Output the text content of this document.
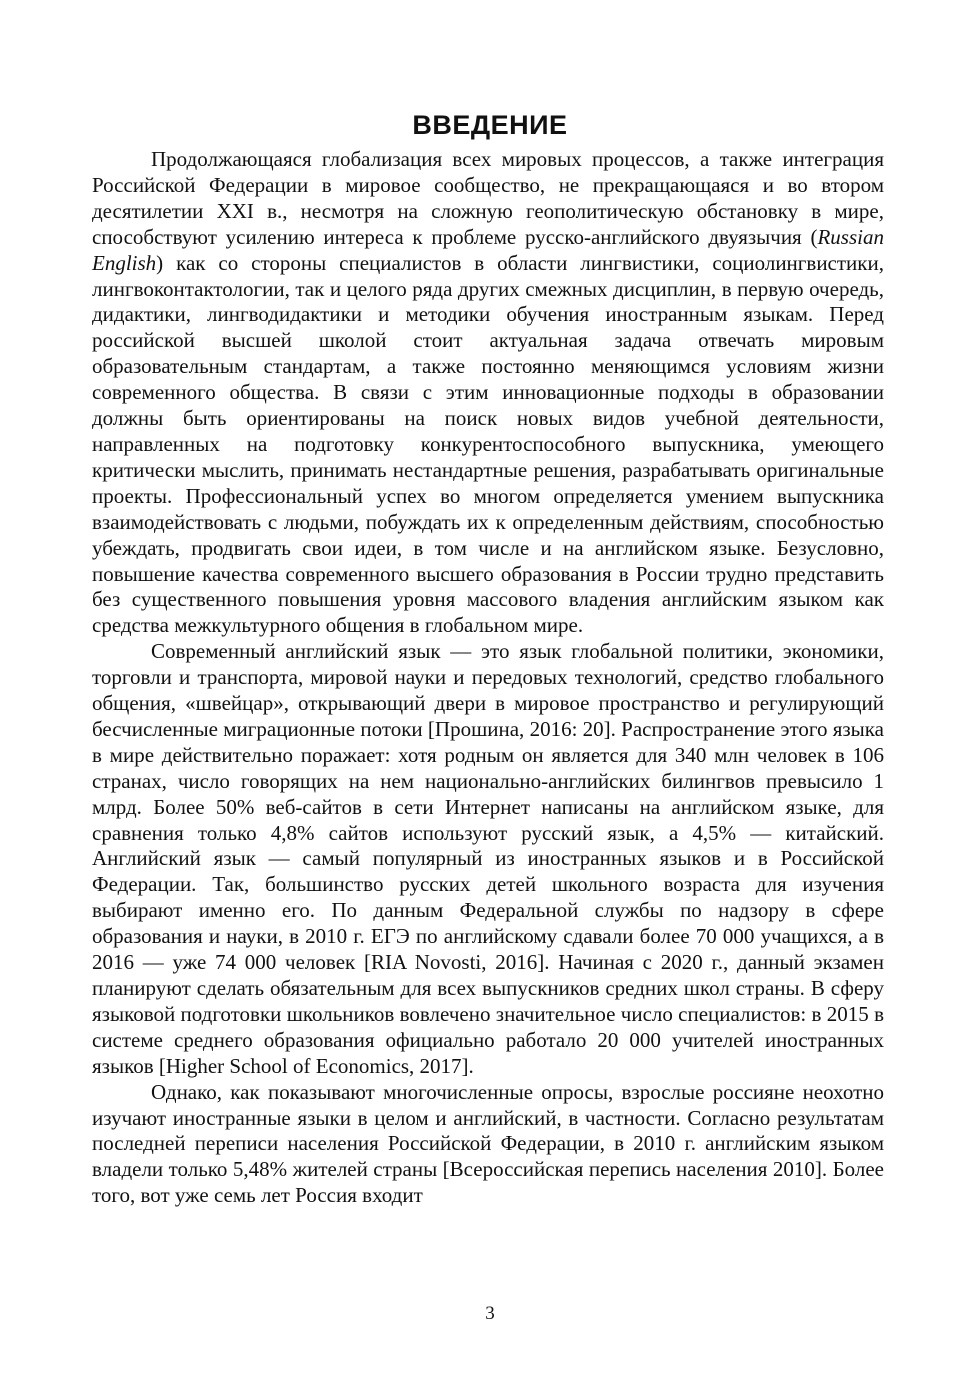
ВВЕДЕНИЕ

Продолжающаяся глобализация всех мировых процессов, а также интеграция Российской Федерации в мировое сообщество, не прекращающаяся и во втором десятилетии XXI в., несмотря на сложную геополитическую обстановку в мире, способствуют усилению интереса к проблеме русско-английского двуязычия (Russian English) как со стороны специалистов в области лингвистики, социолингвистики, лингвоконтактологии, так и целого ряда других смежных дисциплин, в первую очередь, дидактики, лингводидактики и методики обучения иностранным языкам. Перед российской высшей школой стоит актуальная задача отвечать мировым образовательным стандартам, а также постоянно меняющимся условиям жизни современного общества. В связи с этим инновационные подходы в образовании должны быть ориентированы на поиск новых видов учебной деятельности, направленных на подготовку конкурентоспособного выпускника, умеющего критически мыслить, принимать нестандартные решения, разрабатывать оригинальные проекты. Профессиональный успех во многом определяется умением выпускника взаимодействовать с людьми, побуждать их к определенным действиям, способностью убеждать, продвигать свои идеи, в том числе и на английском языке. Безусловно, повышение качества современного высшего образования в России трудно представить без существенного повышения уровня массового владения английским языком как средства межкультурного общения в глобальном мире.

Современный английский язык — это язык глобальной политики, экономики, торговли и транспорта, мировой науки и передовых технологий, средство глобального общения, «швейцар», открывающий двери в мировое пространство и регулирующий бесчисленные миграционные потоки [Прошина, 2016: 20]. Распространение этого языка в мире действительно поражает: хотя родным он является для 340 млн человек в 106 странах, число говорящих на нем национально-английских билингвов превысило 1 млрд. Более 50% веб-сайтов в сети Интернет написаны на английском языке, для сравнения только 4,8% сайтов используют русский язык, а 4,5% — китайский. Английский язык — самый популярный из иностранных языков и в Российской Федерации. Так, большинство русских детей школьного возраста для изучения выбирают именно его. По данным Федеральной службы по надзору в сфере образования и науки, в 2010 г. ЕГЭ по английскому сдавали более 70 000 учащихся, а в 2016 — уже 74 000 человек [RIA Novosti, 2016]. Начиная с 2020 г., данный экзамен планируют сделать обязательным для всех выпускников средних школ страны. В сферу языковой подготовки школьников вовлечено значительное число специалистов: в 2015 в системе среднего образования официально работало 20 000 учителей иностранных языков [Higher School of Economics, 2017].

Однако, как показывают многочисленные опросы, взрослые россияне неохотно изучают иностранные языки в целом и английский, в частности. Согласно результатам последней переписи населения Российской Федерации, в 2010 г. английским языком владели только 5,48% жителей страны [Всероссийская перепись населения 2010]. Более того, вот уже семь лет Россия входит

3
